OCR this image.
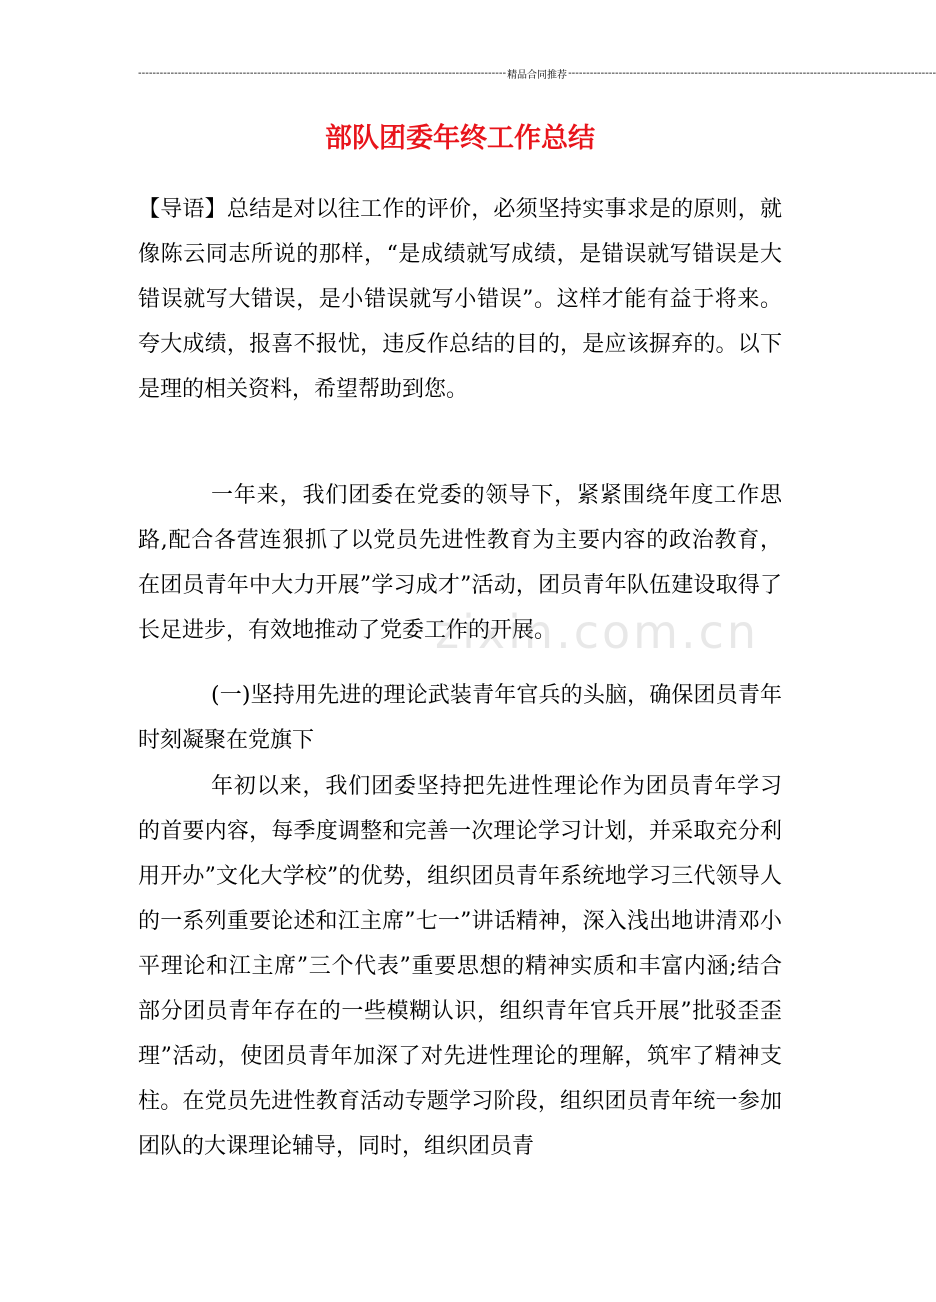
------------------------------------------------------------------------------------------------------ 精品合同推荐 ------------------------------------------------------------------------------------------------------
部队团委年终工作总结

【导语】总结是对以往工作的评价，必须坚持实事求是的原则，就像陈云同志所说的那样，“是成绩就写成绩，是错误就写错误是大错误就写大错误，是小错误就写小错误”。这样才能有益于将来。夸大成绩，报喜不报忧，违反作总结的目的，是应该摒弃的。以下是理的相关资料，希望帮助到您。

一年来，我们团委在党委的领导下，紧紧围绕年度工作思路,配合各营连狠抓了以党员先进性教育为主要内容的政治教育，在团员青年中大力开展”学习成才”活动，团员青年队伍建设取得了长足进步，有效地推动了党委工作的开展。

(一)坚持用先进的理论武装青年官兵的头脑，确保团员青年时刻凝聚在党旗下

年初以来，我们团委坚持把先进性理论作为团员青年学习的首要内容，每季度调整和完善一次理论学习计划，并采取充分利用开办”文化大学校”的优势，组织团员青年系统地学习三代领导人的一系列重要论述和江主席”七一”讲话精神，深入浅出地讲清邓小平理论和江主席”三个代表”重要思想的精神实质和丰富内涵;结合部分团员青年存在的一些模糊认识，组织青年官兵开展”批驳歪歪理”活动，使团员青年加深了对先进性理论的理解，筑牢了精神支柱。在党员先进性教育活动专题学习阶段，组织团员青年统一参加团队的大课理论辅导，同时，组织团员青

zixin.com.cn
